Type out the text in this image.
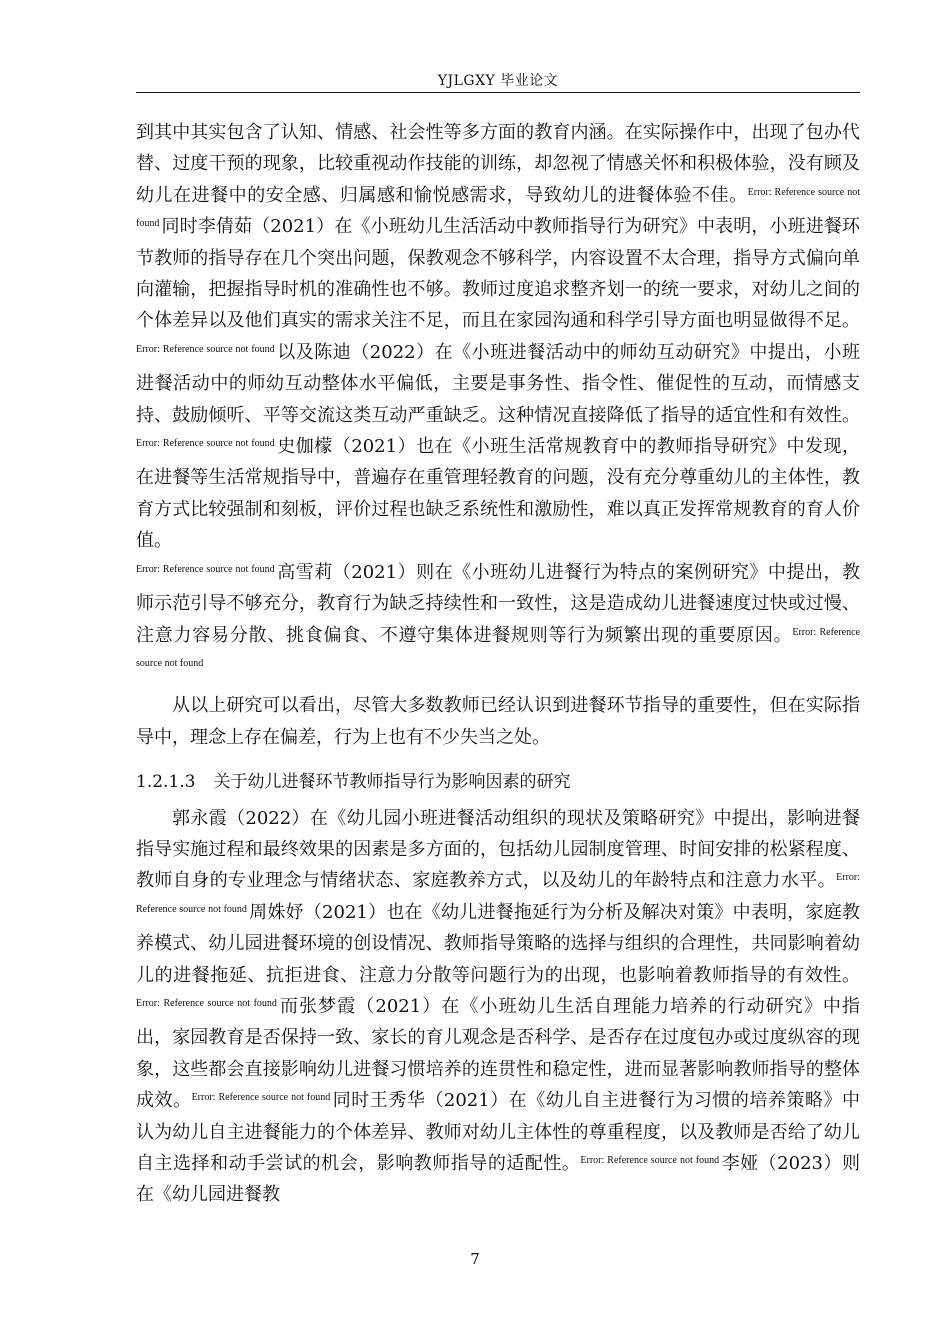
YJLGXY 毕业论文

到其中其实包含了认知、情感、社会性等多方面的教育内涵。在实际操作中，出现了包办代替、过度干预的现象，比较重视动作技能的训练，却忽视了情感关怀和积极体验，没有顾及幼儿在进餐中的安全感、归属感和愉悦感需求，导致幼儿的进餐体验不佳。$^{Error: Reference source not found}$ 同时李倩茹（2021）在《小班幼儿生活活动中教师指导行为研究》中表明，小班进餐环节教师的指导存在几个突出问题，保教观念不够科学，内容设置不太合理，指导方式偏向单向灌输，把握指导时机的准确性也不够。教师过度追求整齐划一的统一要求，对幼儿之间的个体差异以及他们真实的需求关注不足，而且在家园沟通和科学引导方面也明显做得不足。$^{Error: Reference source not found}$ 以及陈迪（2022）在《小班进餐活动中的师幼互动研究》中提出，小班进餐活动中的师幼互动整体水平偏低，主要是事务性、指令性、催促性的互动，而情感支持、鼓励倾听、平等交流这类互动严重缺乏。这种情况直接降低了指导的适宜性和有效性。$^{Error: Reference source not found}$ 史伽檬（2021）也在《小班生活常规教育中的教师指导研究》中发现，在进餐等生活常规指导中，普遍存在重管理轻教育的问题，没有充分尊重幼儿的主体性，教育方式比较强制和刻板，评价过程也缺乏系统性和激励性，难以真正发挥常规教育的育人价值。
$^{Error: Reference source not found}$ 高雪莉（2021）则在《小班幼儿进餐行为特点的案例研究》中提出，教师示范引导不够充分，教育行为缺乏持续性和一致性，这是造成幼儿进餐速度过快或过慢、注意力容易分散、挑食偏食、不遵守集体进餐规则等行为频繁出现的重要原因。$^{Error: Reference source not found}$

从以上研究可以看出，尽管大多数教师已经认识到进餐环节指导的重要性，但在实际指导中，理念上存在偏差，行为上也有不少失当之处。

1.2.1.3 关于幼儿进餐环节教师指导行为影响因素的研究

郭永霞（2022）在《幼儿园小班进餐活动组织的现状及策略研究》中提出，影响进餐指导实施过程和最终效果的因素是多方面的，包括幼儿园制度管理、时间安排的松紧程度、教师自身的专业理念与情绪状态、家庭教养方式，以及幼儿的年龄特点和注意力水平。$^{Error: Reference source not found}$ 周姝妤（2021）也在《幼儿进餐拖延行为分析及解决对策》中表明，家庭教养模式、幼儿园进餐环境的创设情况、教师指导策略的选择与组织的合理性，共同影响着幼儿的进餐拖延、抗拒进食、注意力分散等问题行为的出现，也影响着教师指导的有效性。$^{Error: Reference source not found}$ 而张梦霞（2021）在《小班幼儿生活自理能力培养的行动研究》中指出，家园教育是否保持一致、家长的育儿观念是否科学、是否存在过度包办或过度纵容的现象，这些都会直接影响幼儿进餐习惯培养的连贯性和稳定性，进而显著影响教师指导的整体成效。$^{Error: Reference source not found}$ 同时王秀华（2021）在《幼儿自主进餐行为习惯的培养策略》中认为幼儿自主进餐能力的个体差异、教师对幼儿主体性的尊重程度，以及教师是否给了幼儿自主选择和动手尝试的机会，影响教师指导的适配性。$^{Error: Reference source not found}$ 李娅（2023）则在《幼儿园进餐教

7
